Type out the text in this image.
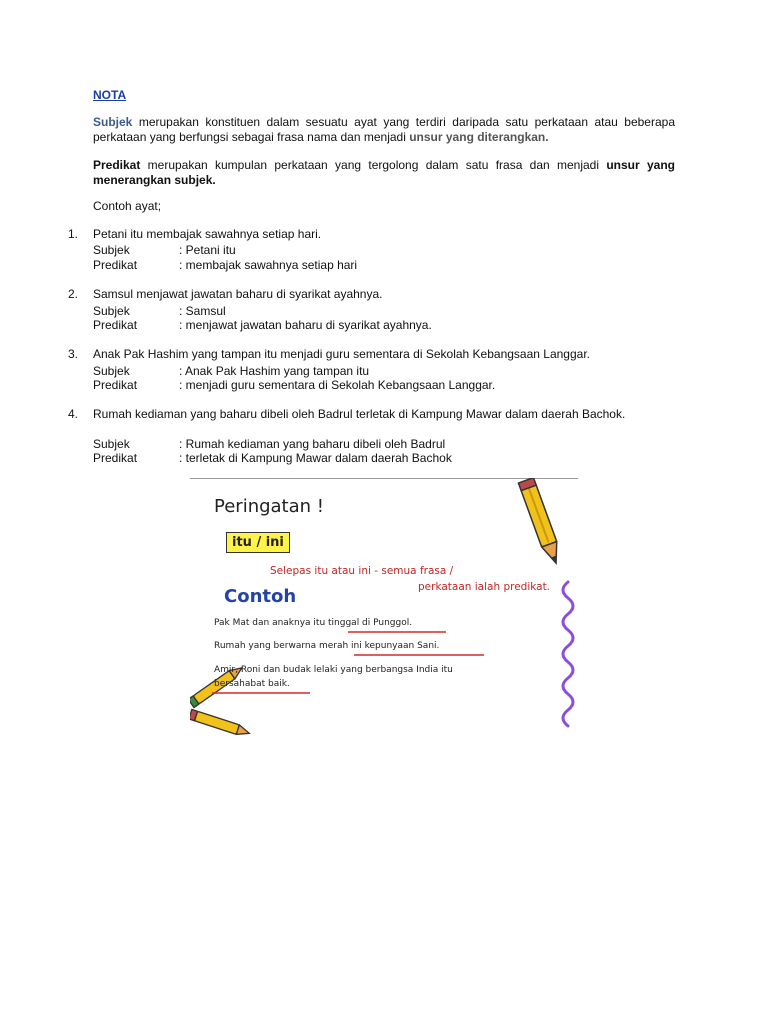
NOTA

Subjek merupakan konstituen dalam sesuatu ayat yang terdiri daripada satu perkataan atau beberapa perkataan yang berfungsi sebagai frasa nama dan menjadi unsur yang diterangkan.

Predikat merupakan kumpulan perkataan yang tergolong dalam satu frasa dan menjadi unsur yang menerangkan subjek.

Contoh ayat;

1.	Petani itu membajak sawahnya setiap hari.
Subjek	: Petani itu
Predikat	: membajak sawahnya setiap hari
2.	Samsul menjawat jawatan baharu di syarikat ayahnya.
Subjek	: Samsul
Predikat	: menjawat jawatan baharu di syarikat ayahnya.
3.	Anak Pak Hashim yang tampan itu menjadi guru sementara di Sekolah Kebangsaan Langgar.
Subjek	: Anak Pak Hashim yang tampan itu
Predikat	: menjadi guru sementara di Sekolah Kebangsaan Langgar.
4.	Rumah kediaman yang baharu dibeli oleh Badrul terletak di Kampung Mawar dalam daerah Bachok.
Subjek	: Rumah kediaman yang baharu dibeli oleh Badrul
Predikat	: terletak di Kampung Mawar dalam daerah Bachok
Peringatan !
itu / ini
Selepas itu atau ini - semua frasa /
perkataan ialah predikat.
Contoh
Pak Mat dan anaknya itu tinggal di Punggol.
Rumah yang berwarna merah ini kepunyaan Sani.
Amir, Roni dan budak lelaki yang berbangsa India itu
bersahabat baik.
